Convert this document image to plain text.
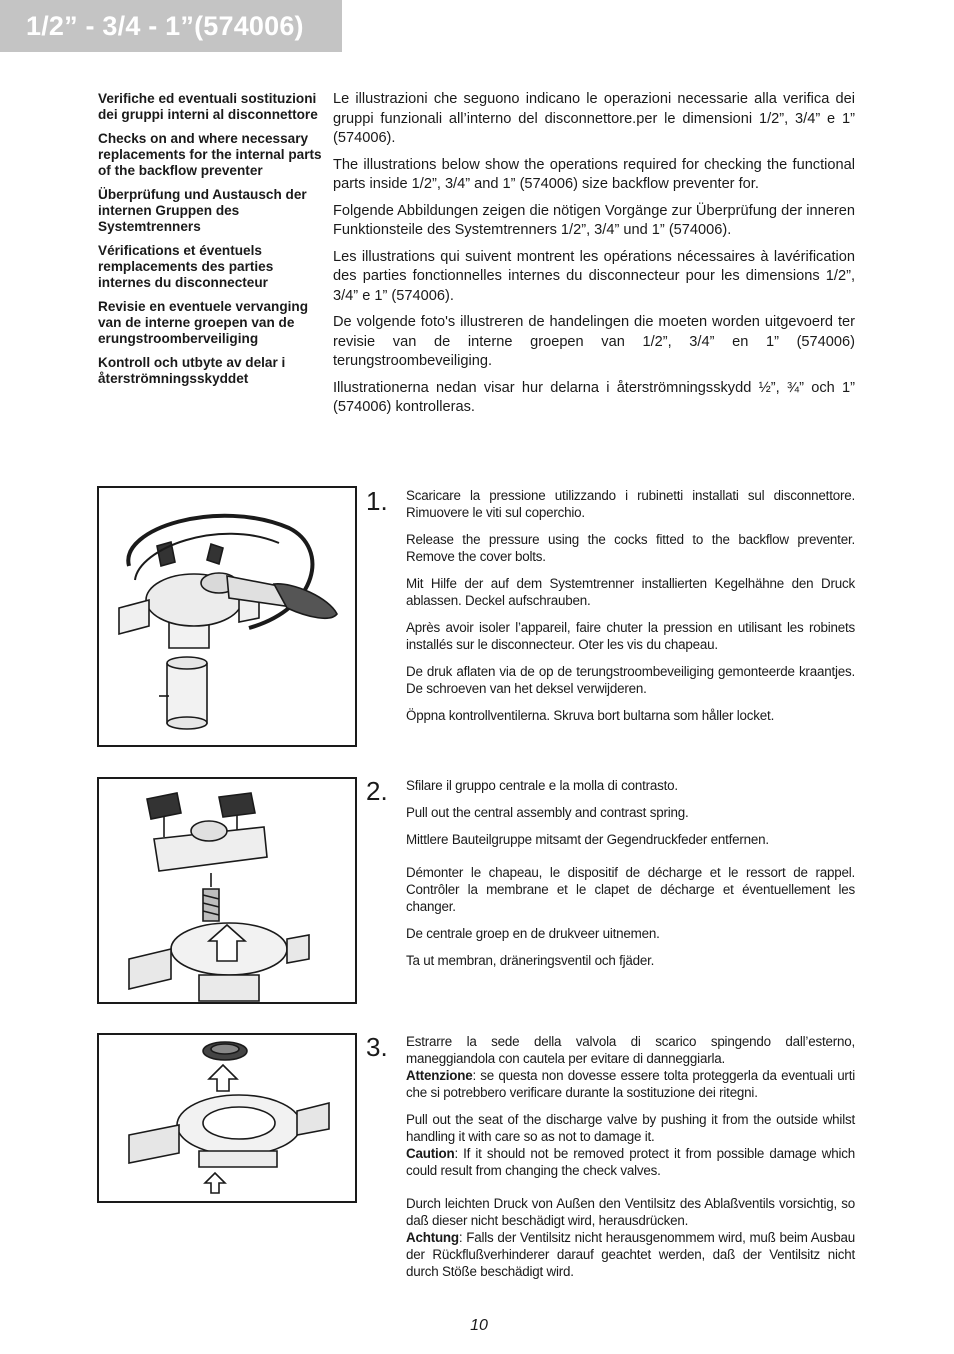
1/2” - 3/4 - 1”(574006)
Verifiche ed eventuali sostituzioni dei gruppi interni al disconnettore
Checks on and where necessary replacements for the internal parts of the backflow preventer
Überprüfung und Austausch der internen Gruppen des Systemtrenners
Vérifications et éventuels remplacements des parties internes du disconnecteur
Revisie en eventuele vervanging van de interne groepen van de erungstroomberveiliging
Kontroll och utbyte av delar i återströmningsskyddet

Le illustrazioni che seguono indicano le operazioni necessarie alla verifica dei gruppi funzionali all’interno del disconnettore.per le dimensioni 1/2”, 3/4” e 1” (574006).

The illustrations below show the operations required for checking the functional parts inside 1/2”, 3/4” and 1” (574006) size backflow preventer for.

Folgende Abbildungen zeigen die nötigen Vorgänge zur Überprüfung der inneren Funktionsteile des Systemtrenners 1/2”, 3/4” und 1” (574006).

Les illustrations qui suivent montrent les opérations nécessaires à lavérification des parties fonctionnelles internes du disconnecteur pour les dimensions 1/2”, 3/4” e 1” (574006).

De volgende foto's illustreren de handelingen die moeten worden uitgevoerd ter revisie van de interne groepen van 1/2”, 3/4” en 1” (574006) terungstroombeveiliging.

Illustrationerna nedan visar hur delarna i återströmningsskydd ½”, ¾” och 1” (574006) kontrolleras.

1. Scaricare la pressione utilizzando i rubinetti installati sul disconnettore. Rimuovere le viti sul coperchio.

Release the pressure using the cocks fitted to the backflow preventer. Remove the cover bolts.

Mit Hilfe der auf dem Systemtrenner installierten Kegelhähne den Druck ablassen. Deckel aufschrauben.

Après avoir isoler l’appareil, faire chuter la pression en utilisant les robinets installés sur le disconnecteur. Oter les vis du chapeau.

De druk aflaten via de op de terungstroombeveiliging gemonteerde kraantjes. De schroeven van het deksel verwijderen.

Öppna kontrollventilerna. Skruva bort bultarna som håller locket.

2. Sfilare il gruppo centrale e la molla di contrasto.

Pull out the central assembly and contrast spring.

Mittlere Bauteilgruppe mitsamt der Gegendruckfeder entfernen.

Démonter le chapeau, le dispositif de décharge et le ressort de rappel. Contrôler la membrane et le clapet de décharge et éventuellement les changer.

De centrale groep en de drukveer uitnemen.

Ta ut membran, dräneringsventil och fjäder.

3. Estrarre la sede della valvola di scarico spingendo dall’esterno, maneggiandola con cautela per evitare di danneggiarla.

Attenzione: se questa non dovesse essere tolta proteggerla da eventuali urti che si potrebbero verificare durante la sostituzione dei ritegni.

Pull out the seat of the discharge valve by pushing it from the outside whilst handling it with care so as not to damage it.

Caution: If it should not be removed protect it from possible damage which could result from changing the check valves.

Durch leichten Druck von Außen den Ventilsitz des Ablaßventils vorsichtig, so daß dieser nicht beschädigt wird, herausdrücken.

Achtung: Falls der Ventilsitz nicht herausgenommem wird, muß beim Ausbau der Rückflußverhinderer darauf geachtet werden, daß der Ventilsitz nicht durch Stöße beschädigt wird.

10
